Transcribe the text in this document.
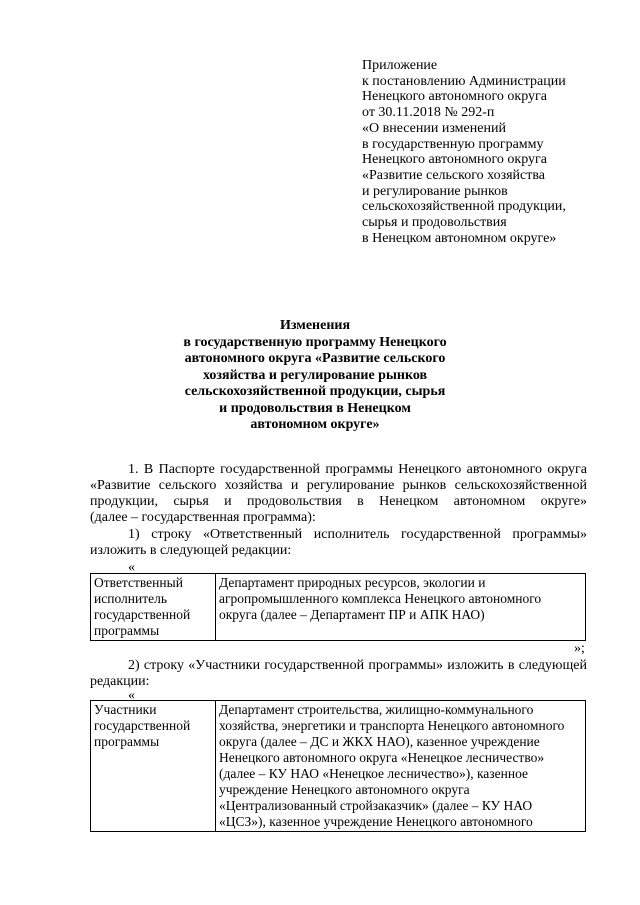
Приложение
к постановлению Администрации
Ненецкого автономного округа
от 30.11.2018 № 292-п
«О внесении изменений
в государственную программу
Ненецкого автономного округа
«Развитие сельского хозяйства
и регулирование рынков
сельскохозяйственной продукции,
сырья и продовольствия
в Ненецком автономном округе»
Изменения
в государственную программу Ненецкого
автономного округа «Развитие сельского
хозяйства и регулирование рынков
сельскохозяйственной продукции, сырья
и продовольствия в Ненецком
автономном округе»
1. В Паспорте государственной программы Ненецкого автономного округа
«Развитие сельского хозяйства и регулирование рынков сельскохозяйственной
продукции, сырья и продовольствия в Ненецком автономном округе»
(далее – государственная программа):
1) строку «Ответственный исполнитель государственной программы»
изложить в следующей редакции:
«
Ответственный
исполнитель
государственной
программы

Департамент природных ресурсов, экологии и
агропромышленного комплекса Ненецкого автономного
округа (далее – Департамент ПР и АПК НАО)
»;
2) строку «Участники государственной программы» изложить в следующей
редакции:
«
Участники
государственной
программы

Департамент строительства, жилищно-коммунального
хозяйства, энергетики и транспорта Ненецкого автономного
округа (далее – ДС и ЖКХ НАО), казенное учреждение
Ненецкого автономного округа «Ненецкое лесничество»
(далее – КУ НАО «Ненецкое лесничество»), казенное
учреждение Ненецкого автономного округа
«Централизованный стройзаказчик» (далее – КУ НАО
«ЦСЗ»), казенное учреждение Ненецкого автономного
